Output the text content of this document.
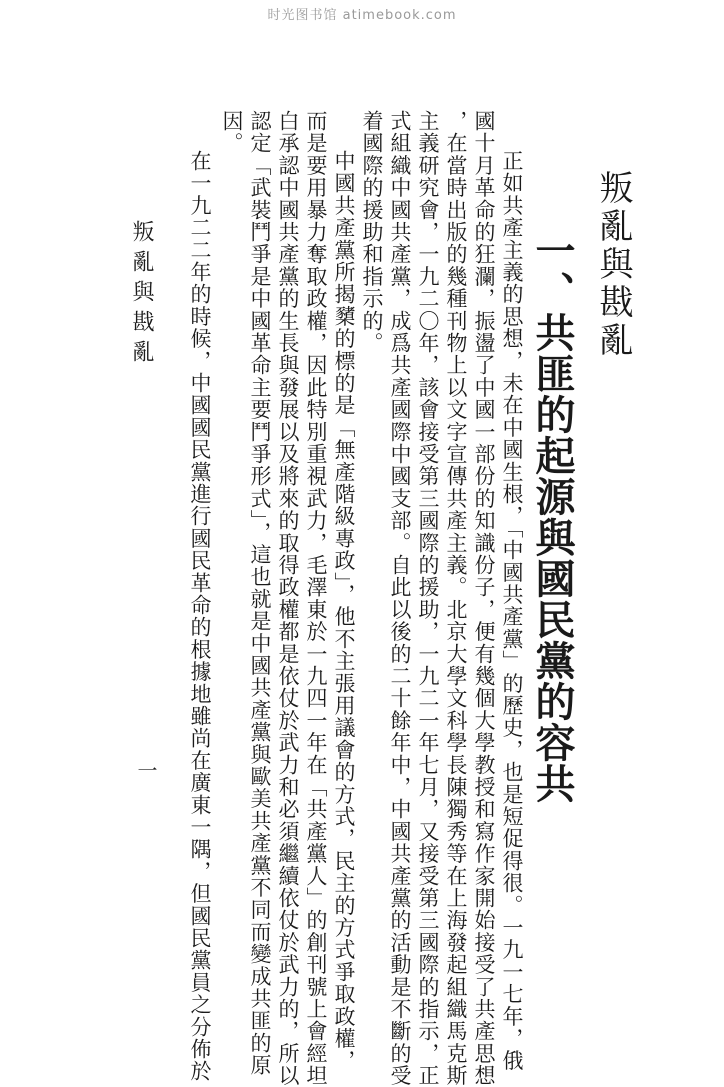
时光图书馆 atimebook.com
叛亂與戡亂
一、共匪的起源與國民黨的容共
正如共產主義的思想，未在中國生根，「中國共產黨」的歷史，也是短促得很。一九一七年，俄
國十月革命的狂瀾，振盪了中國一部份的知識份子，便有幾個大學教授和寫作家開始接受了共產思想
，在當時出版的幾種刊物上以文字宣傳共產主義。北京大學文科學長陳獨秀等在上海發起組織馬克斯
主義研究會，一九二〇年，該會接受第三國際的援助，一九二一年七月，又接受第三國際的指示，正
式組織中國共產黨，成爲共產國際中國支部。自此以後的二十餘年中，中國共產黨的活動是不斷的受
着國際的援助和指示的。
中國共產黨所揭櫫的標的是「無產階級專政」，他不主張用議會的方式，民主的方式爭取政權，
而是要用暴力奪取政權，因此特別重視武力，毛澤東於一九四一年在「共產黨人」的創刊號上會經坦
白承認中國共產黨的生長與發展以及將來的取得政權都是依仗於武力和必須繼續依仗於武力的，所以
認定「武裝鬥爭是中國革命主要鬥爭形式」，這也就是中國共產黨與歐美共產黨不同而變成共匪的原
因。
在一九二二年的時候，中國國民黨進行國民革命的根據地雖尚在廣東一隅，但國民黨員之分佈於
叛亂與戡亂
一
